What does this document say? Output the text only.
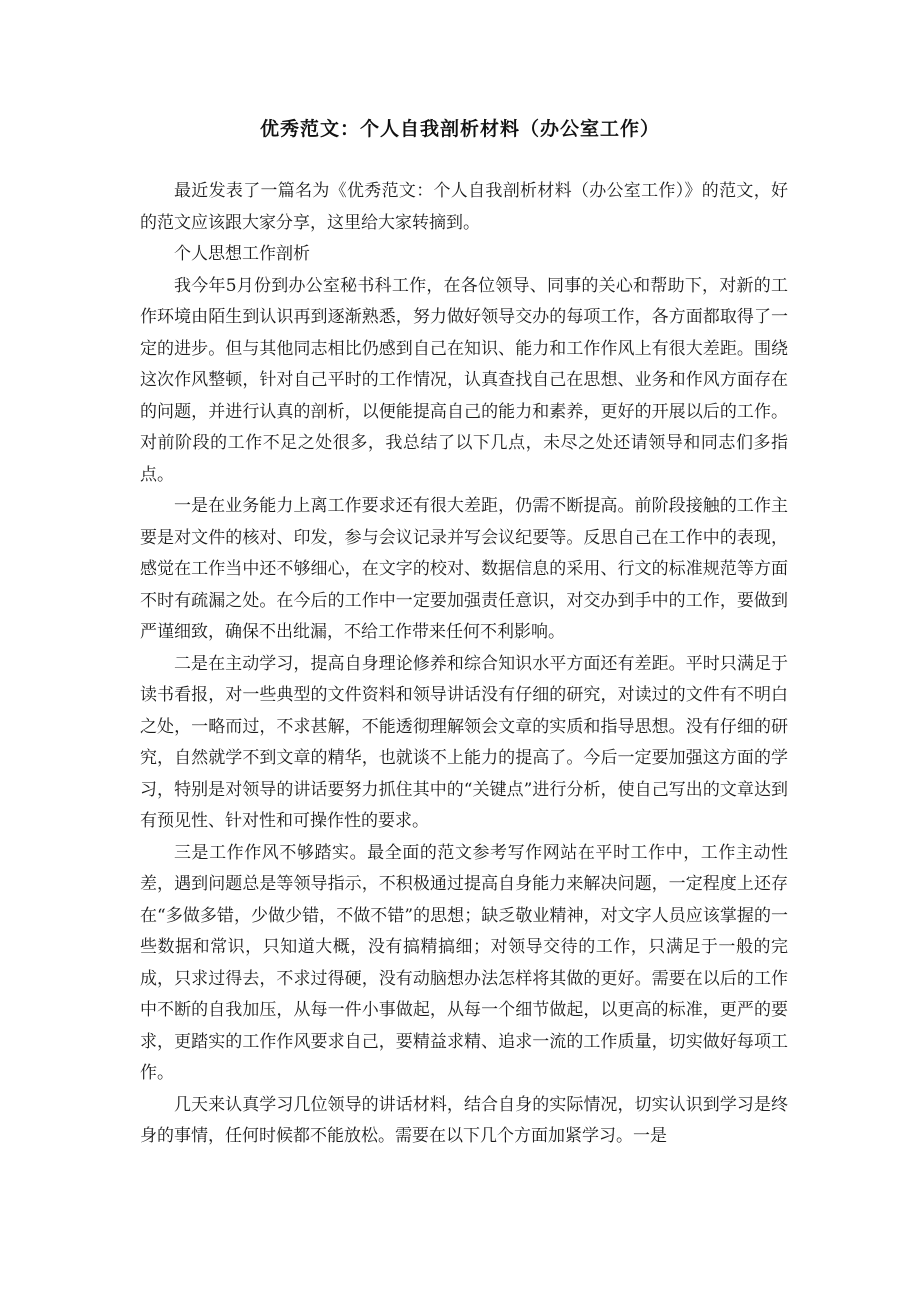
优秀范文：个人自我剖析材料（办公室工作）

最近发表了一篇名为《优秀范文：个人自我剖析材料（办公室工作）》的范文，好的范文应该跟大家分享，这里给大家转摘到。

个人思想工作剖析

我今年5月份到办公室秘书科工作，在各位领导、同事的关心和帮助下，对新的工作环境由陌生到认识再到逐渐熟悉，努力做好领导交办的每项工作，各方面都取得了一定的进步。但与其他同志相比仍感到自己在知识、能力和工作作风上有很大差距。围绕这次作风整顿，针对自己平时的工作情况，认真查找自己在思想、业务和作风方面存在的问题，并进行认真的剖析，以便能提高自己的能力和素养，更好的开展以后的工作。对前阶段的工作不足之处很多，我总结了以下几点，未尽之处还请领导和同志们多指点。

一是在业务能力上离工作要求还有很大差距，仍需不断提高。前阶段接触的工作主要是对文件的核对、印发，参与会议记录并写会议纪要等。反思自己在工作中的表现，感觉在工作当中还不够细心，在文字的校对、数据信息的采用、行文的标准规范等方面不时有疏漏之处。在今后的工作中一定要加强责任意识，对交办到手中的工作，要做到严谨细致，确保不出纰漏，不给工作带来任何不利影响。

二是在主动学习，提高自身理论修养和综合知识水平方面还有差距。平时只满足于读书看报，对一些典型的文件资料和领导讲话没有仔细的研究，对读过的文件有不明白之处，一略而过，不求甚解，不能透彻理解领会文章的实质和指导思想。没有仔细的研究，自然就学不到文章的精华，也就谈不上能力的提高了。今后一定要加强这方面的学习，特别是对领导的讲话要努力抓住其中的“关键点”进行分析，使自己写出的文章达到有预见性、针对性和可操作性的要求。

三是工作作风不够踏实。最全面的范文参考写作网站在平时工作中，工作主动性差，遇到问题总是等领导指示，不积极通过提高自身能力来解决问题，一定程度上还存在“多做多错，少做少错，不做不错”的思想；缺乏敬业精神，对文字人员应该掌握的一些数据和常识，只知道大概，没有搞精搞细；对领导交待的工作，只满足于一般的完成，只求过得去，不求过得硬，没有动脑想办法怎样将其做的更好。需要在以后的工作中不断的自我加压，从每一件小事做起，从每一个细节做起，以更高的标准，更严的要求，更踏实的工作作风要求自己，要精益求精、追求一流的工作质量，切实做好每项工作。

几天来认真学习几位领导的讲话材料，结合自身的实际情况，切实认识到学习是终身的事情，任何时候都不能放松。需要在以下几个方面加紧学习。一是
